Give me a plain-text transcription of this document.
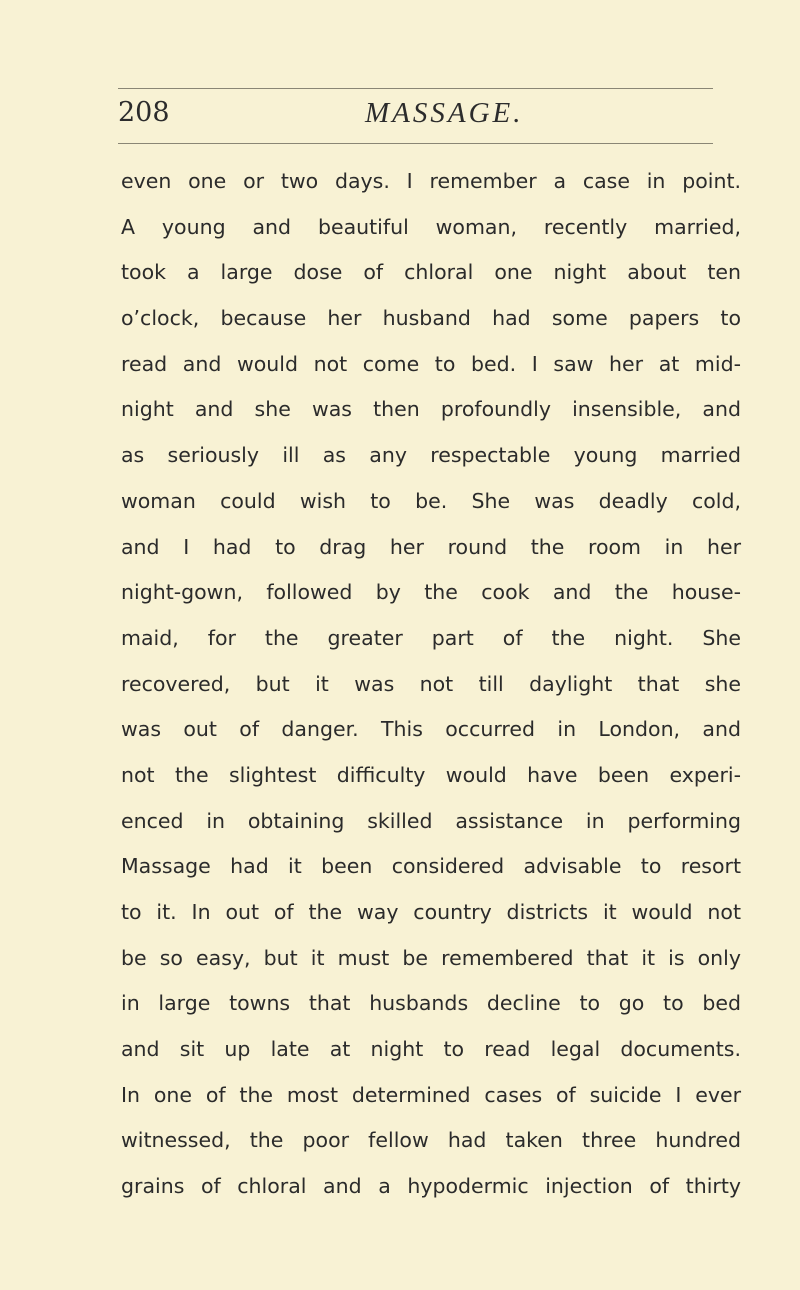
208	MASSAGE.
even one or two days. I remember a case in point.
A young and beautiful woman, recently married,
took a large dose of chloral one night about ten
o’clock, because her husband had some papers to
read and would not come to bed. I saw her at mid-
night and she was then profoundly insensible, and
as seriously ill as any respectable young married
woman could wish to be. She was deadly cold,
and I had to drag her round the room in her
night-gown, followed by the cook and the house-
maid, for the greater part of the night. She
recovered, but it was not till daylight that she
was out of danger. This occurred in London, and
not the slightest difficulty would have been experi-
enced in obtaining skilled assistance in performing
Massage had it been considered advisable to resort
to it. In out of the way country districts it would not
be so easy, but it must be remembered that it is only
in large towns that husbands decline to go to bed
and sit up late at night to read legal documents.
In one of the most determined cases of suicide I ever
witnessed, the poor fellow had taken three hundred
grains of chloral and a hypodermic injection of thirty
